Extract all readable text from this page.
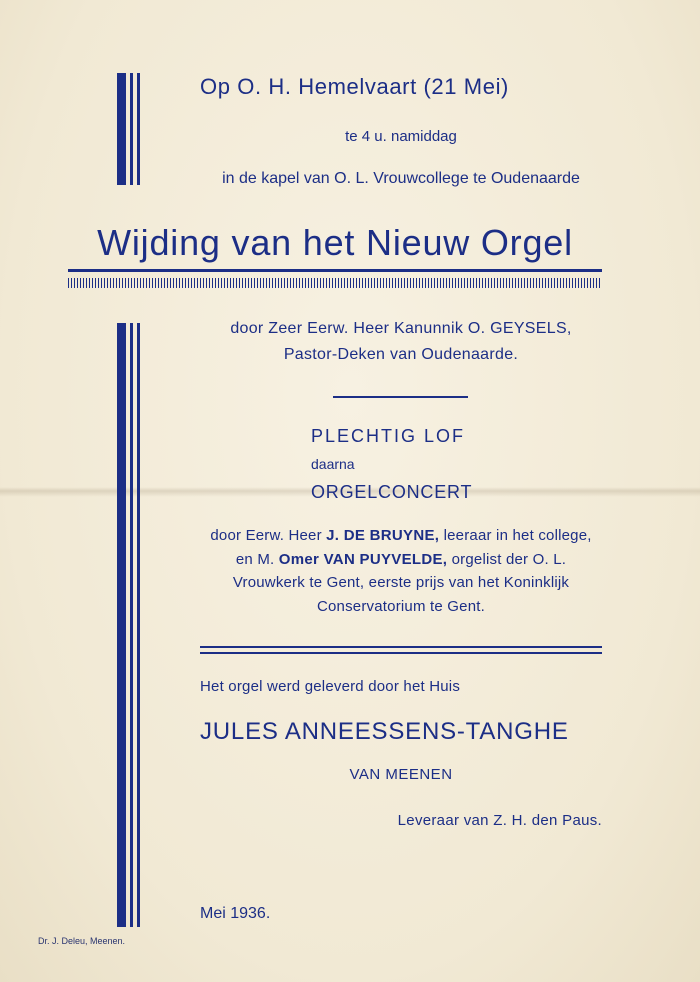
Op O. H. Hemelvaart (21 Mei)
te 4 u. namiddag
in de kapel van O. L. Vrouwcollege te Oudenaarde
Wijding van het Nieuw Orgel
door Zeer Eerw. Heer Kanunnik O. GEYSELS,
Pastor-Deken van Oudenaarde.
PLECHTIG LOF
daarna
ORGELCONCERT
door Eerw. Heer J. DE BRUYNE, leeraar in het college, en M. Omer VAN PUYVELDE, orgelist der O. L. Vrouwkerk te Gent, eerste prijs van het Koninklijk Conservatorium te Gent.
Het orgel werd geleverd door het Huis
JULES ANNEESSENS-TANGHE
VAN MEENEN
Leveraar van Z. H. den Paus.
Mei 1936.
Dr. J. Deleu, Meenen.
